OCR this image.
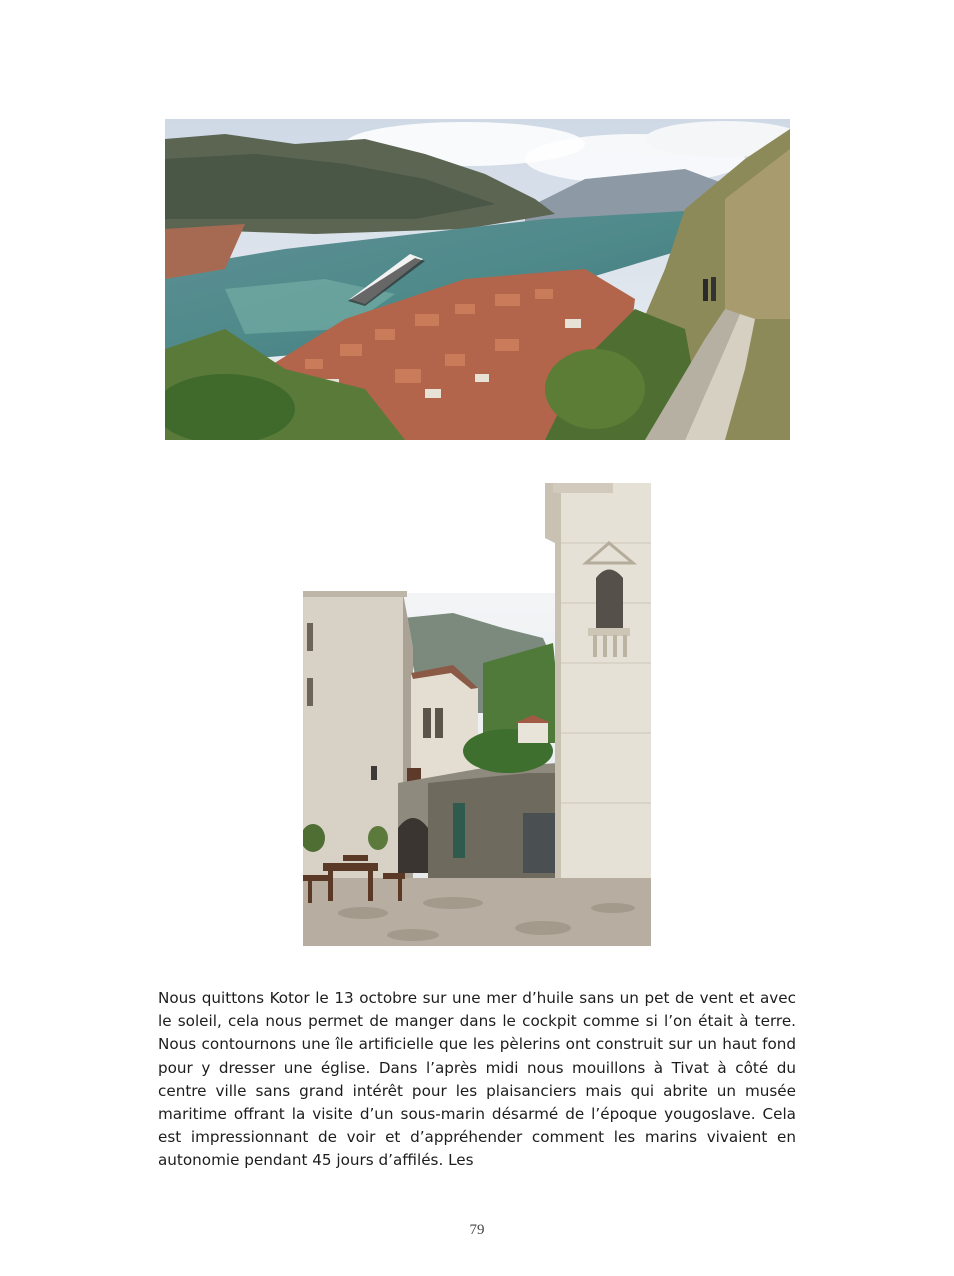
Nous quittons Kotor le 13 octobre sur une mer d’huile sans un pet de vent et avec le soleil, cela nous permet de manger dans le cockpit comme si l’on était à terre. Nous contournons une île artificielle que les pèlerins ont construit sur un haut fond pour y dresser une église. Dans l’après midi nous mouillons à Tivat à côté du centre ville sans grand intérêt pour les plaisanciers mais qui abrite un musée maritime offrant la visite d’un sous-marin désarmé de l’époque yougoslave. Cela est impressionnant de voir et d’appréhender comment les marins vivaient en autonomie pendant 45 jours d’affilés. Les

79
